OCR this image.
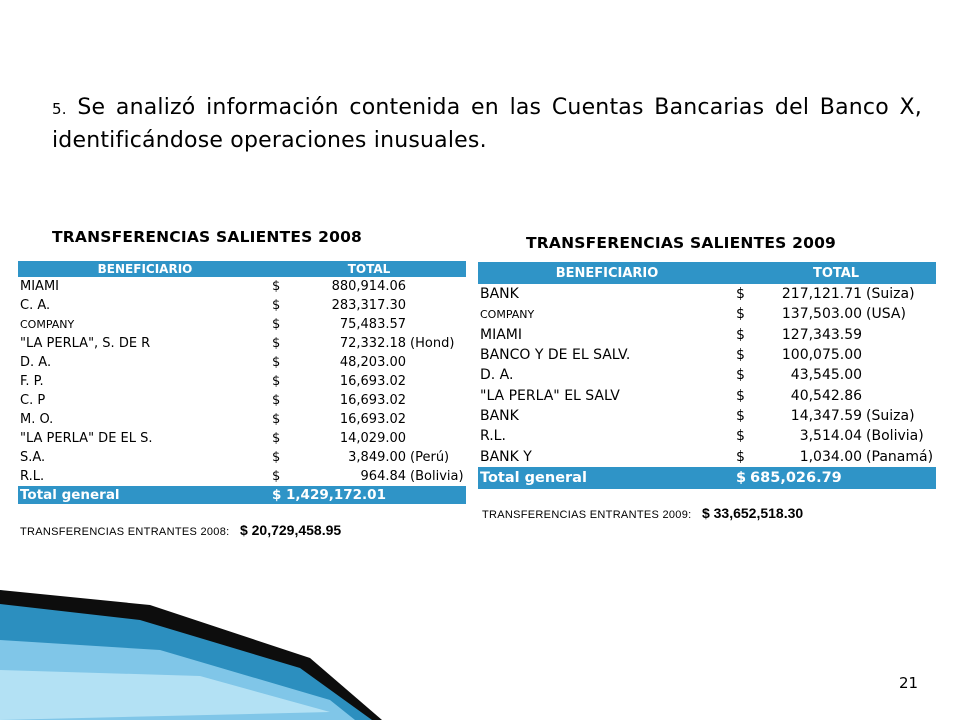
5. Se analizó información contenida en las Cuentas Bancarias del Banco X, identificándose operaciones inusuales.
TRANSFERENCIAS SALIENTES 2008	TRANSFERENCIAS SALIENTES 2009
BENEFICIARIO	TOTAL
MIAMI	$ 880,914.06
C. A.	$ 283,317.30
COMPANY	$ 75,483.57
"LA PERLA", S. DE R	$ 72,332.18 (Hond)
D. A.	$ 48,203.00
F. P.	$ 16,693.02
C. P	$ 16,693.02
M. O.	$ 16,693.02
"LA PERLA" DE EL S.	$ 14,029.00
S.A.	$ 3,849.00 (Perú)
R.L.	$ 964.84 (Bolivia)
Total general	$ 1,429,172.01
BENEFICIARIO	TOTAL
BANK	$ 217,121.71 (Suiza)
COMPANY	$ 137,503.00 (USA)
MIAMI	$ 127,343.59
BANCO Y DE EL SALV.	$ 100,075.00
D. A.	$ 43,545.00
"LA PERLA" EL SALV	$ 40,542.86
BANK	$ 14,347.59 (Suiza)
R.L.	$ 3,514.04 (Bolivia)
BANK Y	$ 1,034.00 (Panamá)
Total general	$ 685,026.79
TRANSFERENCIAS ENTRANTES 2008: $ 20,729,458.95
TRANSFERENCIAS ENTRANTES 2009: $ 33,652,518.30
21
